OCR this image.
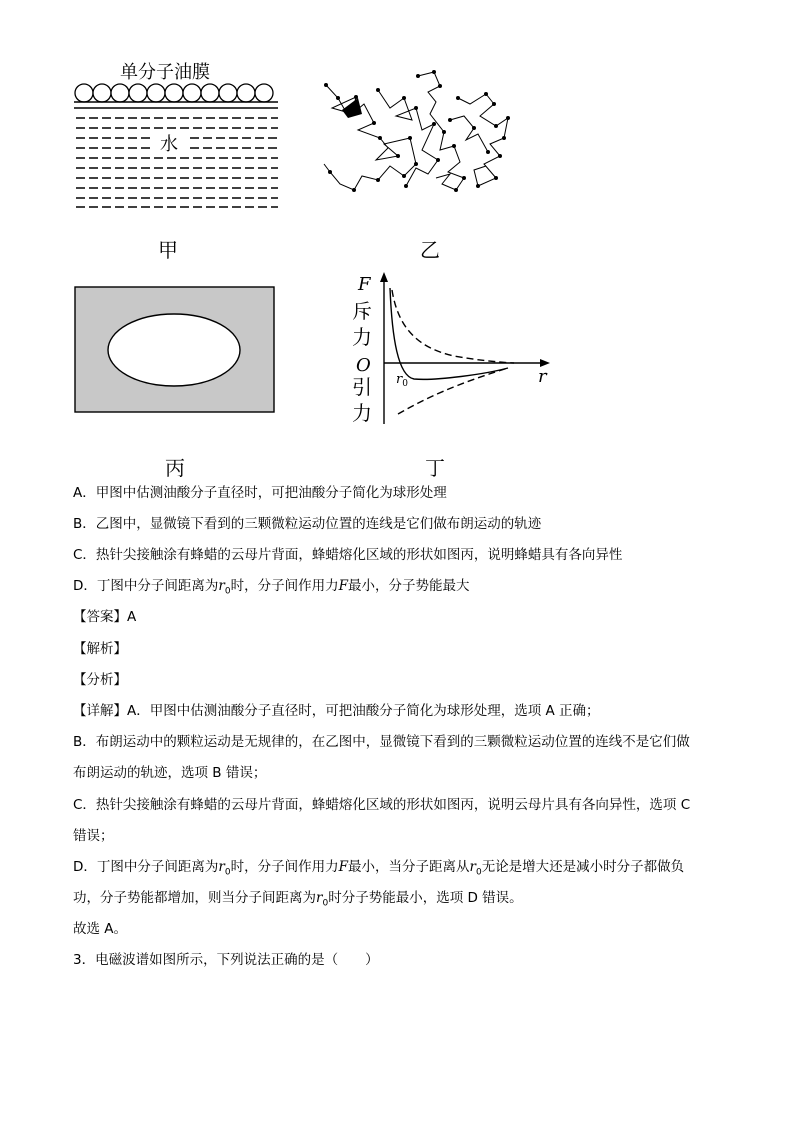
单分子油膜
水
甲	乙
丙
F
斥
力
O
引
力
r
$r_0$
丁
A．甲图中估测油酸分子直径时，可把油酸分子简化为球形处理
B．乙图中，显微镜下看到的三颗微粒运动位置的连线是它们做布朗运动的轨迹
C．热针尖接触涂有蜂蜡的云母片背面，蜂蜡熔化区域的形状如图丙，说明蜂蜡具有各向异性
D．丁图中分子间距离为$r_0$时，分子间作用力F最小，分子势能最大
【答案】A
【解析】
【分析】
【详解】A．甲图中估测油酸分子直径时，可把油酸分子简化为球形处理，选项 A 正确；
B．布朗运动中的颗粒运动是无规律的，在乙图中，显微镜下看到的三颗微粒运动位置的连线不是它们做
布朗运动的轨迹，选项 B 错误；
C．热针尖接触涂有蜂蜡的云母片背面，蜂蜡熔化区域的形状如图丙，说明云母片具有各向异性，选项 C
错误；
D．丁图中分子间距离为$r_0$时，分子间作用力F最小，当分子距离从$r_0$无论是增大还是减小时分子都做负
功，分子势能都增加，则当分子间距离为$r_0$时分子势能最小，选项 D 错误。
故选 A。
3．电磁波谱如图所示，下列说法正确的是（　　）
